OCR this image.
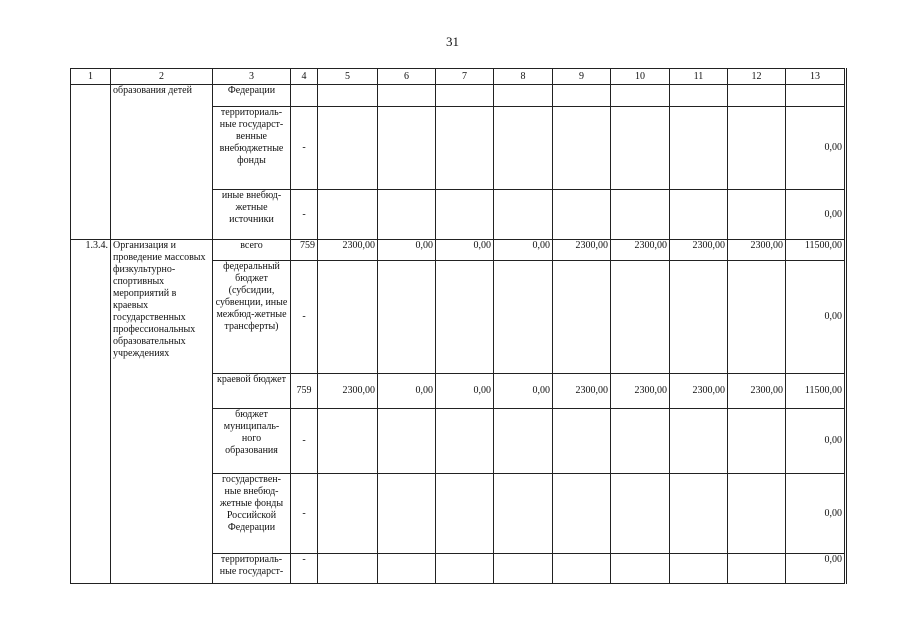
31
1	2	3	4	5	6	7	8	9	10	11	12	13
	образования детей	Федерации										
		территориаль-ные государст-венные внебюджетные фонды	-									0,00
		иные внебюд-жетные источники	-									0,00
1.3.4.	Организация и проведение массовых физкультурно-спортивных мероприятий в краевых государственных профессиональных образовательных учреждениях	всего	759	2300,00	0,00	0,00	0,00	2300,00	2300,00	2300,00	2300,00	11500,00
		федеральный бюджет (субсидии, субвенции, иные межбюд-жетные трансферты)	-									0,00
		краевой бюджет	759	2300,00	0,00	0,00	0,00	2300,00	2300,00	2300,00	2300,00	11500,00
		бюджет муниципаль-ного образования	-									0,00
		государствен-ные внебюд-жетные фонды Российской Федерации	-									0,00
		территориаль-ные государст-	-									0,00
